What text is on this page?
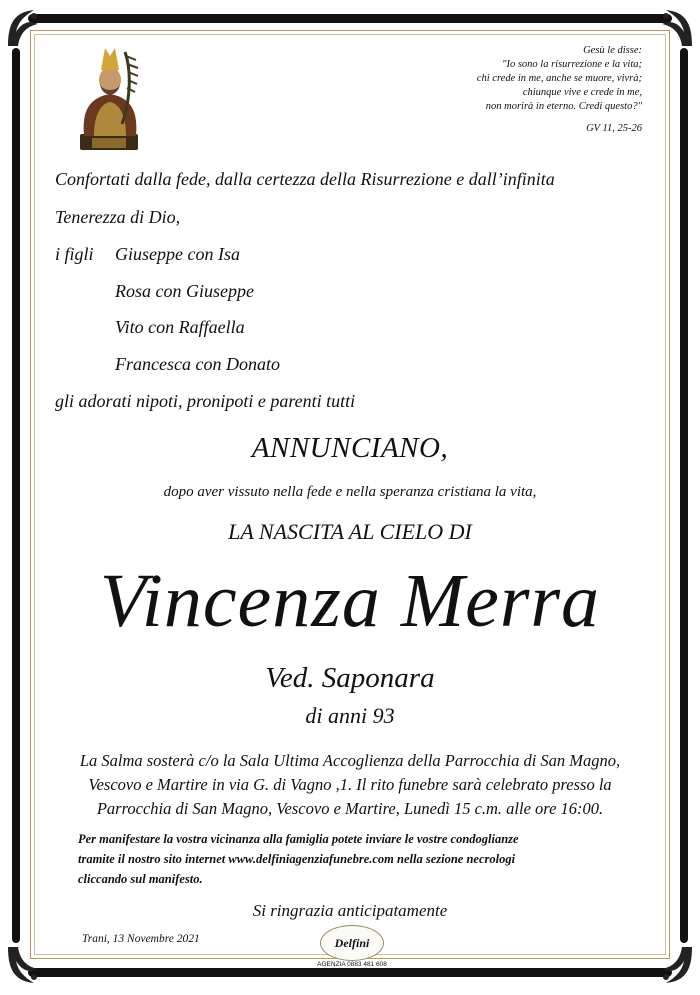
Gesù le disse:
"Io sono la risurrezione e la vita;
chi crede in me, anche se muore, vivrà;
chiunque vive e crede in me,
non morirà in eterno. Credi questo?"
GV 11, 25-26
Confortati dalla fede, dalla certezza della Risurrezione e dall’infinita
Tenerezza di Dio,
i figli Giuseppe con Isa
Rosa con Giuseppe
Vito con Raffaella
Francesca con Donato
gli adorati nipoti, pronipoti e parenti tutti
ANNUNCIANO,
dopo aver vissuto nella fede e nella speranza cristiana la vita,
LA NASCITA AL CIELO DI
Vincenza Merra
Ved. Saponara
di anni 93
La Salma sosterà c/o la Sala Ultima Accoglienza della Parrocchia di San Magno,
Vescovo e Martire in via G. di Vagno ,1. Il rito funebre sarà celebrato presso la
Parrocchia di San Magno, Vescovo e Martire, Lunedì 15 c.m. alle ore 16:00.
Per manifestare la vostra vicinanza alla famiglia potete inviare le vostre condoglianze
tramite il nostro sito internet www.delfiniagenziafunebre.com nella sezione necrologi
cliccando sul manifesto.
Si ringrazia anticipatamente
Trani, 13 Novembre 2021	Delfini
AGENZIA 0883 481 608
CELL. 340 282 6772
